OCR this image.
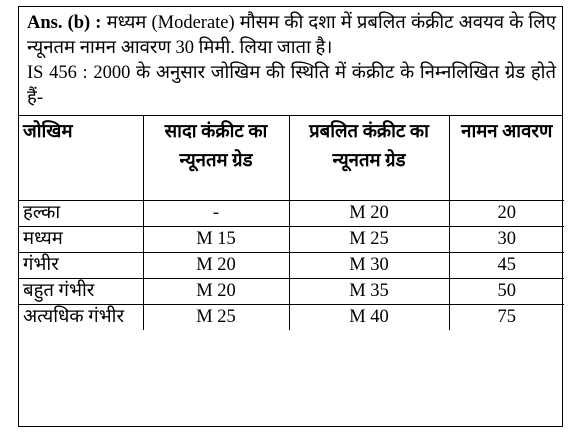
Ans. (b) : मध्यम (Moderate) मौसम की दशा में प्रबलित कंक्रीट अवयव के लिए न्यूनतम नामन आवरण 30 मिमी. लिया जाता है।

IS 456 : 2000 के अनुसार जोखिम की स्थिति में कंक्रीट के निम्नलिखित ग्रेड होते हैं-

जोखिम	सादा कंक्रीट का न्यूनतम ग्रेड	प्रबलित कंक्रीट का न्यूनतम ग्रेड	नामन आवरण
हल्का	-	M 20	20
मध्यम	M 15	M 25	30
गंभीर	M 20	M 30	45
बहुत गंभीर	M 20	M 35	50
अत्यधिक गंभीर	M 25	M 40	75
